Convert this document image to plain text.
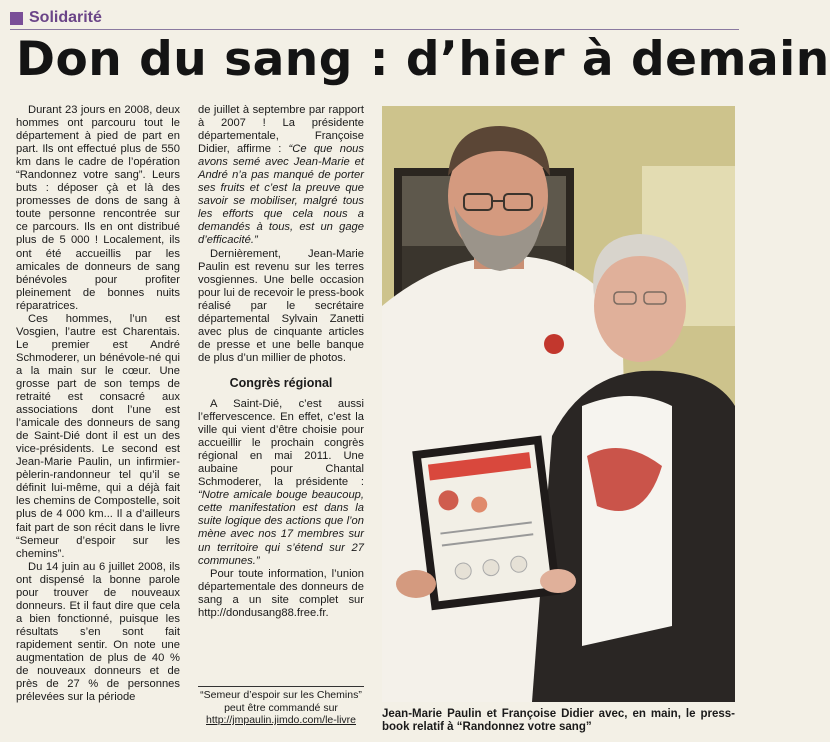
Solidarité
Don du sang : d’hier à demain

Durant 23 jours en 2008, deux hommes ont parcouru tout le département à pied de part en part. Ils ont effectué plus de 550 km dans le cadre de l’opération “Randonnez votre sang”. Leurs buts : déposer çà et là des promesses de dons de sang à toute personne rencontrée sur ce parcours. Ils en ont distribué plus de 5 000 ! Localement, ils ont été accueillis par les amicales de donneurs de sang bénévoles pour profiter pleinement de bonnes nuits réparatrices.

Ces hommes, l’un est Vosgien, l’autre est Charentais. Le premier est André Schmoderer, un bénévole-né qui a la main sur le cœur. Une grosse part de son temps de retraité est consacré aux associations dont l’une est l’amicale des donneurs de sang de Saint-Dié dont il est un des vice-présidents. Le second est Jean-Marie Paulin, un infirmier-pèlerin-randonneur tel qu’il se définit lui-même, qui a déjà fait les chemins de Compostelle, soit plus de 4 000 km... Il a d’ailleurs fait part de son récit dans le livre “Semeur d’espoir sur les chemins”.

Du 14 juin au 6 juillet 2008, ils ont dispensé la bonne parole pour trouver de nouveaux donneurs. Et il faut dire que cela a bien fonctionné, puisque les résultats s’en sont fait rapidement sentir. On note une augmentation de plus de 40 % de nouveaux donneurs et de près de 27 % de personnes prélevées sur la période

de juillet à septembre par rapport à 2007 ! La présidente départementale, Françoise Didier, affirme : “Ce que nous avons semé avec Jean-Marie et André n’a pas manqué de porter ses fruits et c’est la preuve que savoir se mobiliser, malgré tous les efforts que cela nous a demandés à tous, est un gage d’efficacité.”

Dernièrement, Jean-Marie Paulin est revenu sur les terres vosgiennes. Une belle occasion pour lui de recevoir le press-book réalisé par le secrétaire départemental Sylvain Zanetti avec plus de cinquante articles de presse et une belle banque de plus d’un millier de photos.

Congrès régional

A Saint-Dié, c’est aussi l’effervescence. En effet, c’est la ville qui vient d’être choisie pour accueillir le prochain congrès régional en mai 2011. Une aubaine pour Chantal Schmoderer, la présidente : “Notre amicale bouge beaucoup, cette manifestation est dans la suite logique des actions que l’on mène avec nos 17 membres sur un territoire qui s’étend sur 27 communes.”

Pour toute information, l’union départementale des donneurs de sang a un site complet sur http://dondusang88.free.fr.

“Semeur d’espoir sur les Chemins”
peut être commandé sur
http://jmpaulin.jimdo.com/le-livre	Jean-Marie Paulin et Françoise Didier avec, en main, le press-book relatif à “Randonnez votre sang”
